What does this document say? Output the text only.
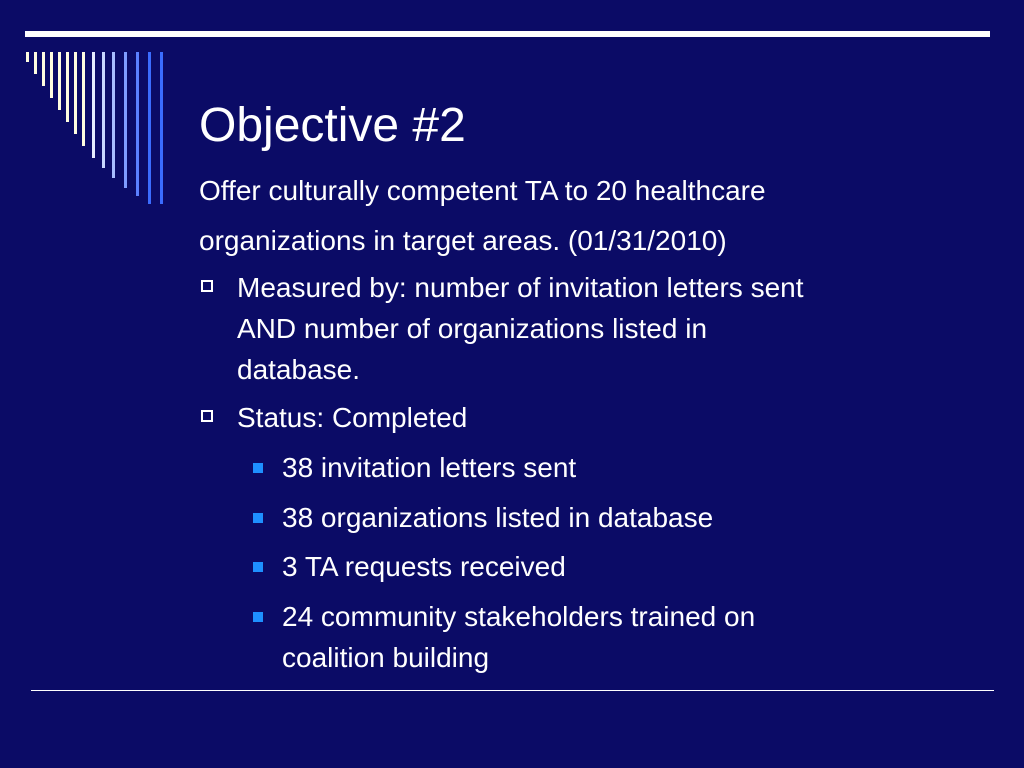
Objective #2

Offer culturally competent TA to 20 healthcare

organizations in target areas. (01/31/2010)

Measured by: number of invitation letters sent
AND number of organizations listed in
database.
Status: Completed
38 invitation letters sent
38 organizations listed in database
3 TA requests received
24 community stakeholders trained on
coalition building
